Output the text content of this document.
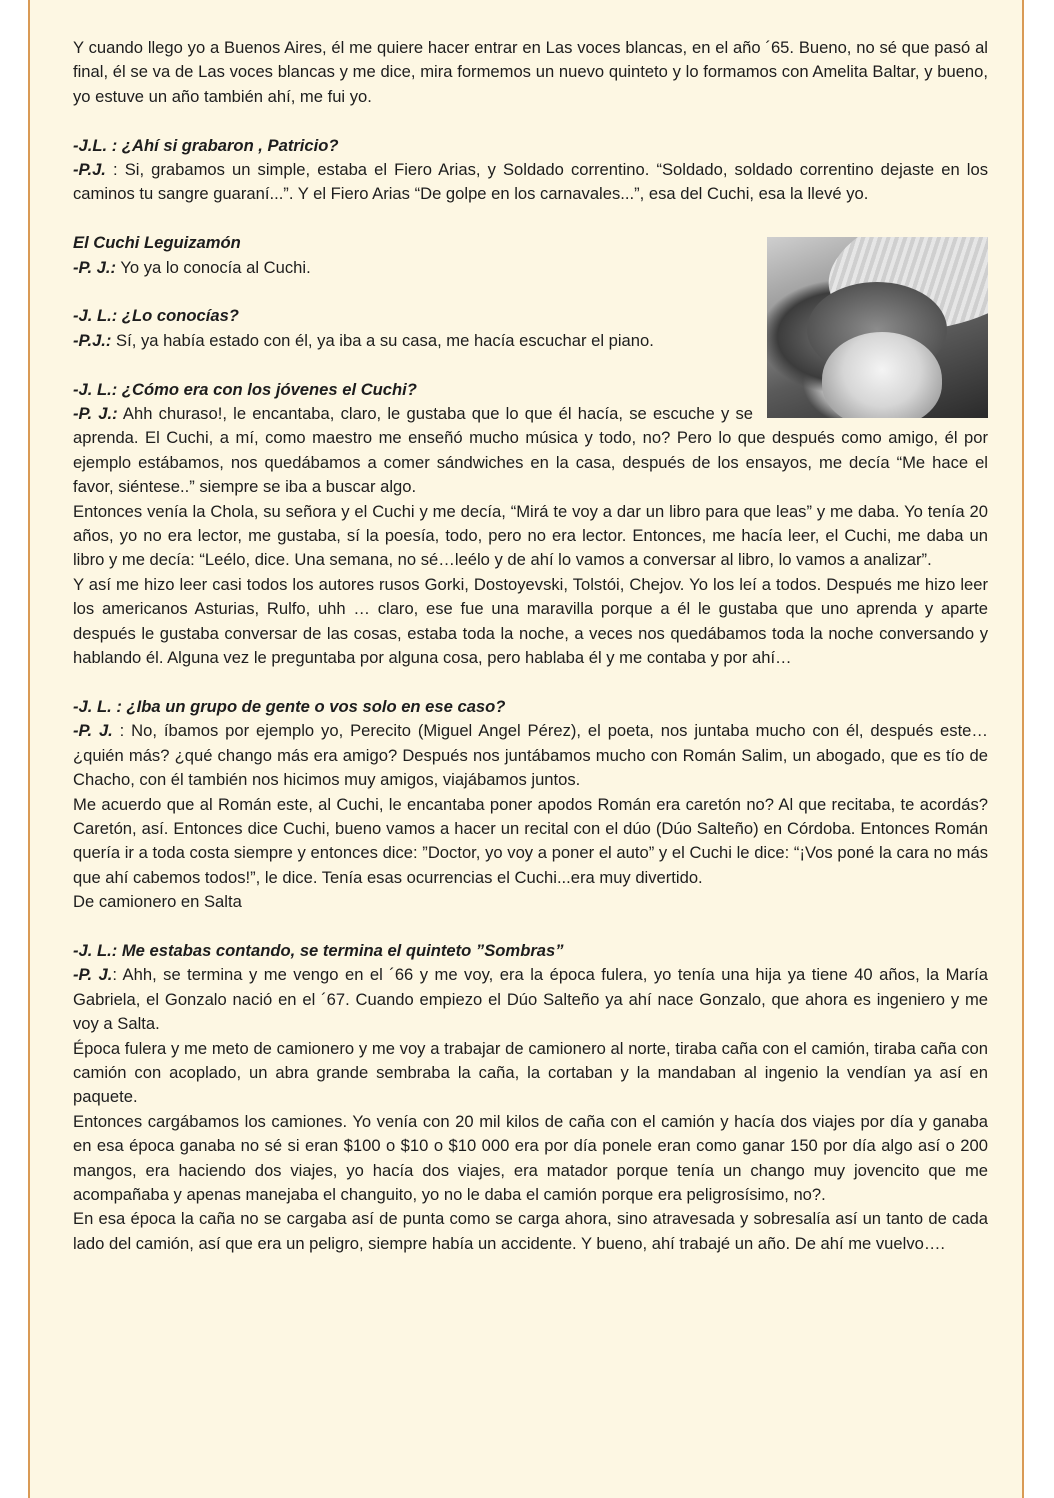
Y cuando llego yo a Buenos Aires, él me quiere hacer entrar en Las voces blancas, en el año ´65. Bueno, no sé que pasó al final, él se va de Las voces blancas y me dice, mira formemos un nuevo quinteto y lo formamos con Amelita Baltar, y bueno, yo estuve un año también ahí, me fui yo.

-J.L. : ¿Ahí si grabaron , Patricio?

-P.J. : Si, grabamos un simple, estaba el Fiero Arias, y Soldado correntino. “Soldado, soldado correntino dejaste en los caminos tu sangre guaraní...”. Y el Fiero Arias “De golpe en los carnavales...”, esa del Cuchi, esa la llevé yo.

El Cuchi Leguizamón

-P. J.: Yo ya lo conocía al Cuchi.

-J. L.: ¿Lo conocías?

-P.J.: Sí, ya había estado con él, ya iba a su casa, me hacía escuchar el piano.

-J. L.: ¿Cómo era con los jóvenes el Cuchi?

-P. J.: Ahh churaso!, le encantaba, claro, le gustaba que lo que él hacía, se escuche y se aprenda. El Cuchi, a mí, como maestro me enseñó mucho música y todo, no? Pero lo que después como amigo, él por ejemplo estábamos, nos quedábamos a comer sándwiches en la casa, después de los ensayos, me decía “Me hace el favor, siéntese..” siempre se iba a buscar algo.

Entonces venía la Chola, su señora y el Cuchi y me decía, “Mirá te voy a dar un libro para que leas” y me daba. Yo tenía 20 años, yo no era lector, me gustaba, sí la poesía, todo, pero no era lector. Entonces, me hacía leer, el Cuchi, me daba un libro y me decía: “Leélo, dice. Una semana, no sé…leélo y de ahí lo vamos a conversar al libro, lo vamos a analizar”.

Y así me hizo leer casi todos los autores rusos Gorki, Dostoyevski, Tolstói, Chejov. Yo los leí a todos. Después me hizo leer los americanos Asturias, Rulfo, uhh … claro, ese fue una maravilla porque a él le gustaba que uno aprenda y aparte después le gustaba conversar de las cosas, estaba toda la noche, a veces nos quedábamos toda la noche conversando y hablando él. Alguna vez le preguntaba por alguna cosa, pero hablaba él y me contaba y por ahí…

-J. L. : ¿Iba un grupo de gente o vos solo en ese caso?

-P. J. : No, íbamos por ejemplo yo, Perecito (Miguel Angel Pérez), el poeta, nos juntaba mucho con él, después este… ¿quién más? ¿qué chango más era amigo? Después nos juntábamos mucho con Román Salim, un abogado, que es tío de Chacho, con él también nos hicimos muy amigos, viajábamos juntos.

Me acuerdo que al Román este, al Cuchi, le encantaba poner apodos Román era caretón no? Al que recitaba, te acordás? Caretón, así. Entonces dice Cuchi, bueno vamos a hacer un recital con el dúo (Dúo Salteño) en Córdoba. Entonces Román quería ir a toda costa siempre y entonces dice: ”Doctor, yo voy a poner el auto” y el Cuchi le dice: “¡Vos poné la cara no más que ahí cabemos todos!”, le dice. Tenía esas ocurrencias el Cuchi...era muy divertido.

De camionero en Salta

-J. L.: Me estabas contando, se termina el quinteto ”Sombras”

-P. J.: Ahh, se termina y me vengo en el ´66 y me voy, era la época fulera, yo tenía una hija ya tiene 40 años, la María Gabriela, el Gonzalo nació en el ´67. Cuando empiezo el Dúo Salteño ya ahí nace Gonzalo, que ahora es ingeniero y me voy a Salta.

Época fulera y me meto de camionero y me voy a trabajar de camionero al norte, tiraba caña con el camión, tiraba caña con camión con acoplado, un abra grande sembraba la caña, la cortaban y la mandaban al ingenio la vendían ya así en paquete.

Entonces cargábamos los camiones. Yo venía con 20 mil kilos de caña con el camión y hacía dos viajes por día y ganaba en esa época ganaba no sé si eran $100 o $10 o $10 000 era por día ponele eran como ganar 150 por día algo así o 200 mangos, era haciendo dos viajes, yo hacía dos viajes, era matador porque tenía un chango muy jovencito que me acompañaba y apenas manejaba el changuito, yo no le daba el camión porque era peligrosísimo, no?.

En esa época la caña no se cargaba así de punta como se carga ahora, sino atravesada y sobresalía así un tanto de cada lado del camión, así que era un peligro, siempre había un accidente. Y bueno, ahí trabajé un año. De ahí me vuelvo….
